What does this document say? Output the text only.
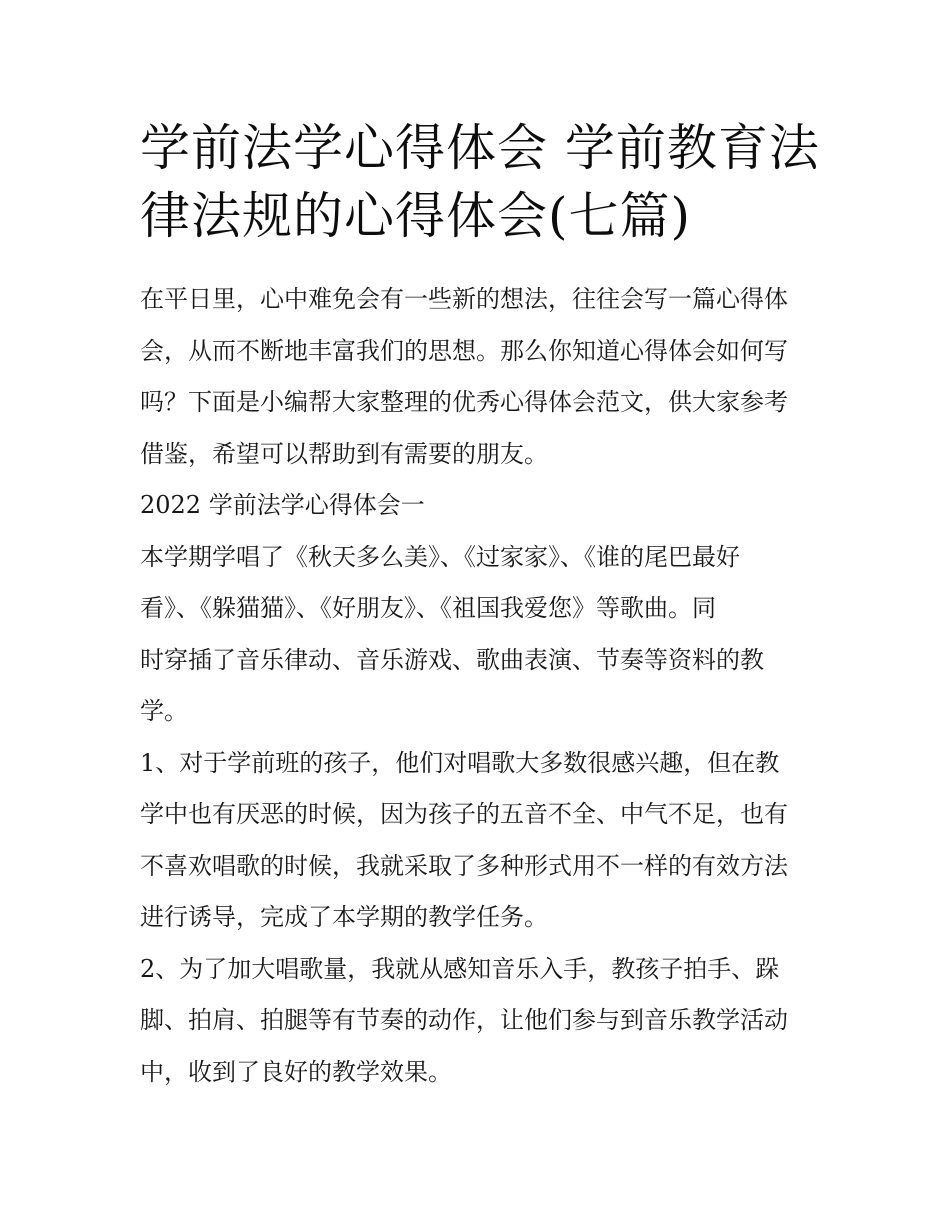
学前法学心得体会 学前教育法
律法规的心得体会(七篇)
在平日里，心中难免会有一些新的想法，往往会写一篇心得体
会，从而不断地丰富我们的思想。那么你知道心得体会如何写
吗？下面是小编帮大家整理的优秀心得体会范文，供大家参考
借鉴，希望可以帮助到有需要的朋友。
2022 学前法学心得体会一
本学期学唱了《秋天多么美》、《过家家》、《谁的尾巴最好
看》、《躲猫猫》、《好朋友》、《祖国我爱您》等歌曲。同
时穿插了音乐律动、音乐游戏、歌曲表演、节奏等资料的教
学。
1、对于学前班的孩子，他们对唱歌大多数很感兴趣，但在教
学中也有厌恶的时候，因为孩子的五音不全、中气不足，也有
不喜欢唱歌的时候，我就采取了多种形式用不一样的有效方法
进行诱导，完成了本学期的教学任务。
2、为了加大唱歌量，我就从感知音乐入手，教孩子拍手、跺
脚、拍肩、拍腿等有节奏的动作，让他们参与到音乐教学活动
中，收到了良好的教学效果。
